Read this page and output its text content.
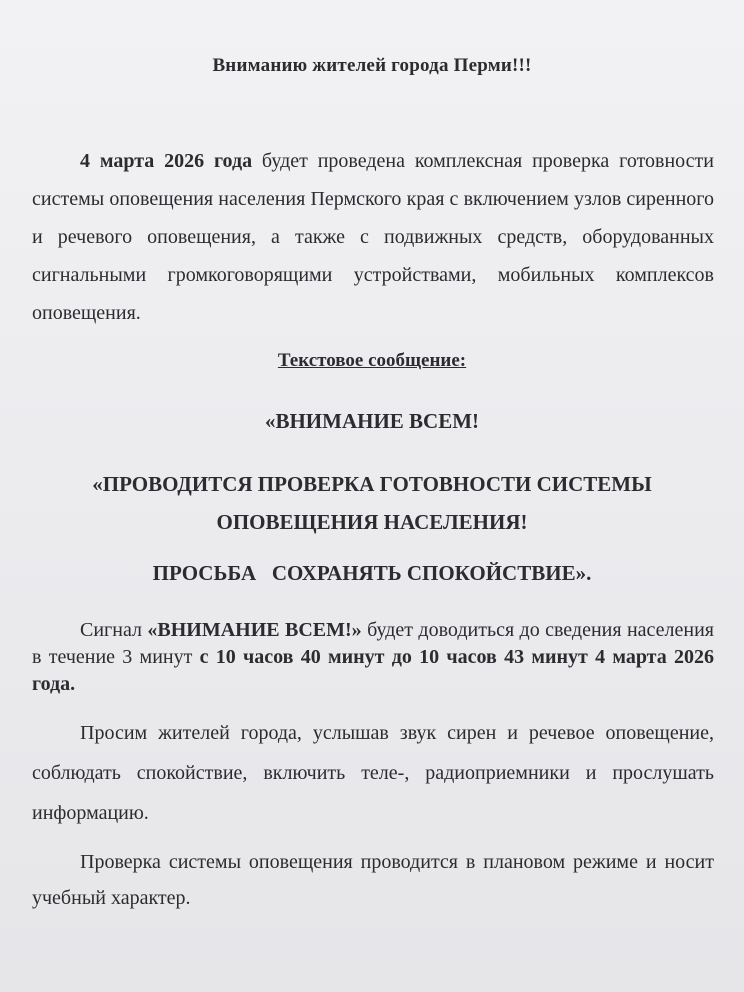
Вниманию жителей города Перми!!!
4 марта 2026 года будет проведена комплексная проверка готовности системы оповещения населения Пермского края с включением узлов сиренного и речевого оповещения, а также с подвижных средств, оборудованных сигнальными громкоговорящими устройствами, мобильных комплексов оповещения.
Текстовое сообщение:
«ВНИМАНИЕ ВСЕМ!
«ПРОВОДИТСЯ ПРОВЕРКА ГОТОВНОСТИ СИСТЕМЫ
ОПОВЕЩЕНИЯ НАСЕЛЕНИЯ!
ПРОСЬБА   СОХРАНЯТЬ СПОКОЙСТВИЕ».
Сигнал «ВНИМАНИЕ ВСЕМ!» будет доводиться до сведения населения в течение 3 минут с 10 часов 40 минут до 10 часов 43 минут 4 марта 2026 года.
Просим жителей города, услышав звук сирен и речевое оповещение, соблюдать спокойствие, включить теле-, радиоприемники и прослушать информацию.
Проверка системы оповещения проводится в плановом режиме и носит учебный характер.
